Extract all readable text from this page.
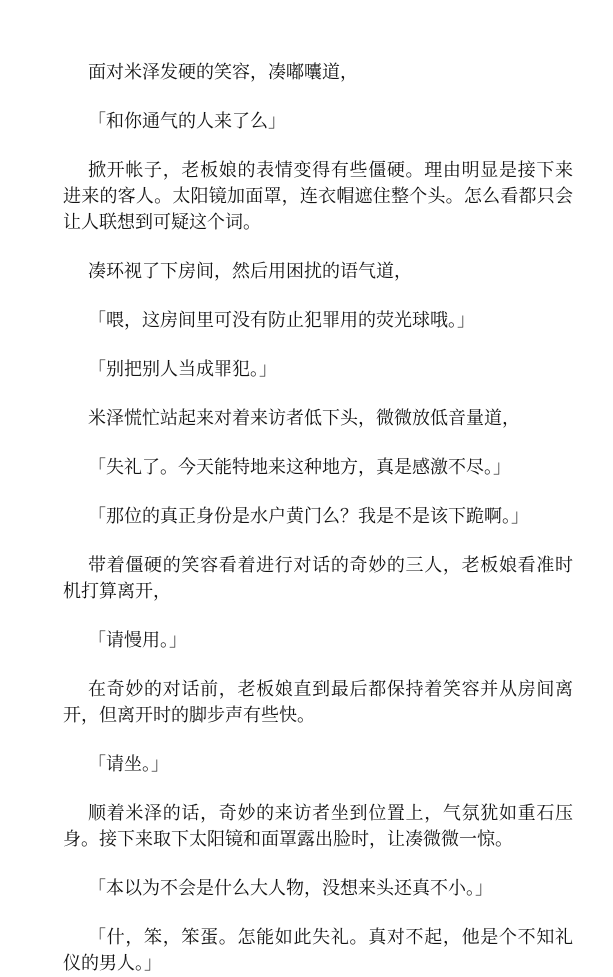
面对米泽发硬的笑容，凑嘟囔道，

「和你通气的人来了么」

掀开帐子，老板娘的表情变得有些僵硬。理由明显是接下来进来的客人。太阳镜加面罩，连衣帽遮住整个头。怎么看都只会让人联想到可疑这个词。

凑环视了下房间，然后用困扰的语气道，

「喂，这房间里可没有防止犯罪用的荧光球哦。」

「别把别人当成罪犯。」

米泽慌忙站起来对着来访者低下头，微微放低音量道，

「失礼了。今天能特地来这种地方，真是感激不尽。」

「那位的真正身份是水户黄门么？我是不是该下跪啊。」

带着僵硬的笑容看着进行对话的奇妙的三人，老板娘看准时机打算离开，

「请慢用。」

在奇妙的对话前，老板娘直到最后都保持着笑容并从房间离开，但离开时的脚步声有些快。

「请坐。」

顺着米泽的话，奇妙的来访者坐到位置上，气氛犹如重石压身。接下来取下太阳镜和面罩露出脸时，让凑微微一惊。

「本以为不会是什么大人物，没想来头还真不小。」

「什，笨，笨蛋。怎能如此失礼。真对不起，他是个不知礼仪的男人。」
